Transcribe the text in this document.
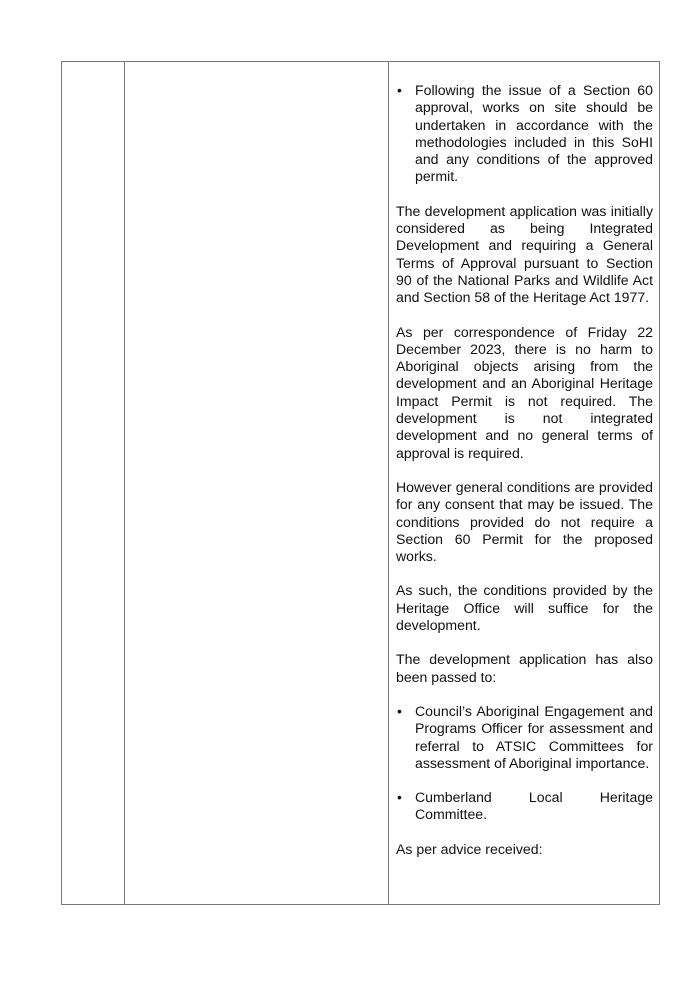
• Following the issue of a Section 60 approval, works on site should be undertaken in accordance with the methodologies included in this SoHI and any conditions of the approved permit.

The development application was initially considered as being Integrated Development and requiring a General Terms of Approval pursuant to Section 90 of the National Parks and Wildlife Act and Section 58 of the Heritage Act 1977.

As per correspondence of Friday 22 December 2023, there is no harm to Aboriginal objects arising from the development and an Aboriginal Heritage Impact Permit is not required. The development is not integrated development and no general terms of approval is required.

However general conditions are provided for any consent that may be issued. The conditions provided do not require a Section 60 Permit for the proposed works.

As such, the conditions provided by the Heritage Office will suffice for the development.

The development application has also been passed to:

• Council’s Aboriginal Engagement and Programs Officer for assessment and referral to ATSIC Committees for assessment of Aboriginal importance.
• Cumberland Local Heritage Committee.

As per advice received:
